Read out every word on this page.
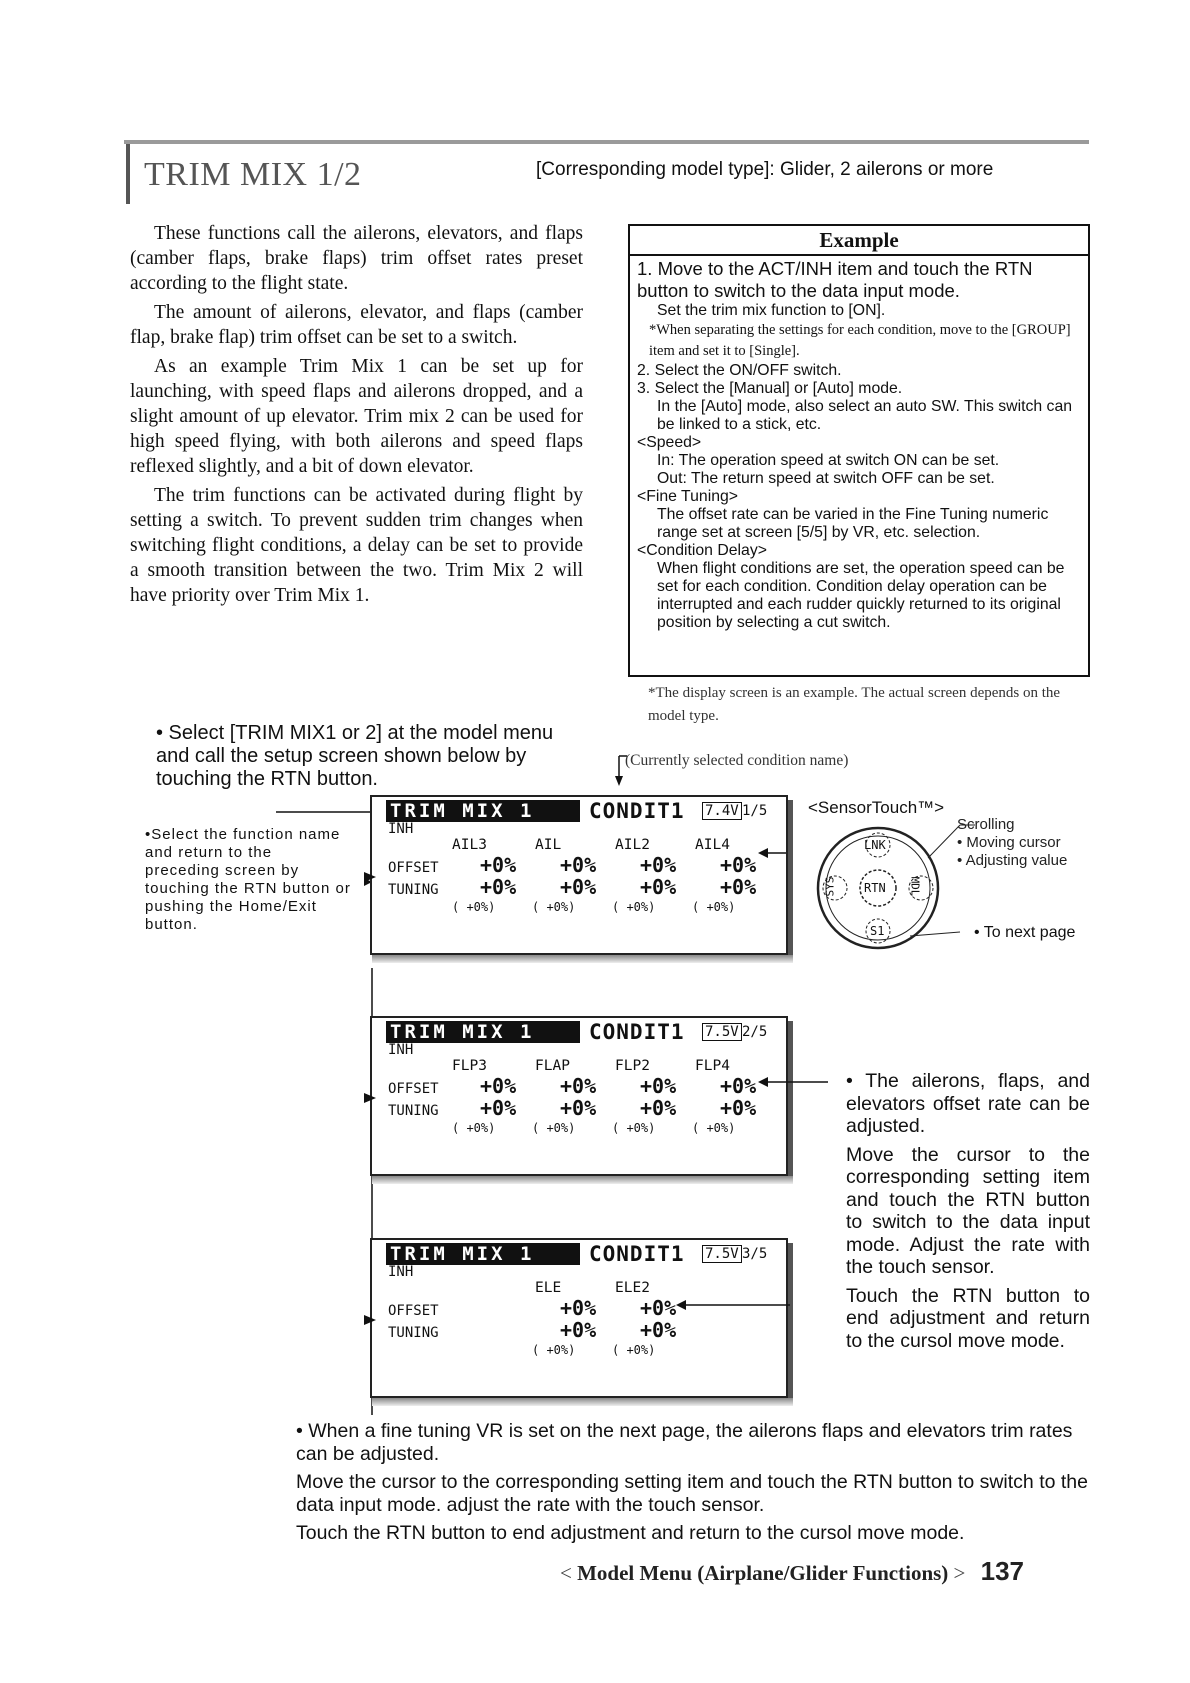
TRIM MIX 1/2	[Corresponding model type]: Glider, 2 ailerons or more

These functions call the ailerons, elevators, and flaps (camber flaps, brake flaps) trim offset rates preset according to the flight state.

The amount of ailerons, elevator, and flaps (camber flap, brake flap) trim offset can be set to a switch.

As an example Trim Mix 1 can be set up for launching, with speed flaps and ailerons dropped, and a slight amount of up elevator. Trim mix 2 can be used for high speed flying, with both ailerons and speed flaps reflexed slightly, and a bit of down elevator.

The trim functions can be activated during flight by setting a switch. To prevent sudden trim changes when switching flight conditions, a delay can be set to provide a smooth transition between the two. Trim Mix 2 will have priority over Trim Mix 1.

Example
1. Move to the ACT/INH item and touch the RTN button to switch to the data input mode.
Set the trim mix function to [ON].
*When separating the settings for each condition, move to the [GROUP] item and set it to [Single].
2. Select the ON/OFF switch.
3. Select the [Manual] or [Auto] mode.
In the [Auto] mode, also select an auto SW. This switch can be linked to a stick, etc.
<Speed>
In: The operation speed at switch ON can be set.
Out: The return speed at switch OFF can be set.
<Fine Tuning>
The offset rate can be varied in the Fine Tuning numeric range set at screen [5/5] by VR, etc. selection.
<Condition Delay>
When flight conditions are set, the operation speed can be set for each condition. Condition delay operation can be interrupted and each rudder quickly returned to its original position by selecting a cut switch.
*The display screen is an example. The actual screen depends on the model type.
• Select [TRIM MIX1 or 2] at the model menu and call the setup screen shown below by touching the RTN button.
(Currently selected condition name)
•Select the function name and return to the preceding screen by touching the RTN button or pushing the Home/Exit button.
TRIM MIX 1	CONDIT1 7.4V 1/5
INH
AIL3	AIL	AIL2	AIL4
OFFSET +0% +0% +0% +0%
TUNING +0% +0% +0% +0%
( +0%)	( +0%)	( +0%)	( +0%)
TRIM MIX 1	CONDIT1 7.5V 2/5
INH
FLP3	FLAP	FLP2	FLP4
OFFSET +0% +0% +0% +0%
TUNING +0% +0% +0% +0%
( +0%)	( +0%)	( +0%)	( +0%)
TRIM MIX 1	CONDIT1 7.5V 3/5
INH
ELE	ELE2
OFFSET	+0% +0%
TUNING	+0% +0%
( +0%)	( +0%)
<SensorTouch™>
LNK
RTN
S1
SYS	MDL
Scrolling
• Moving cursor
• Adjusting value
• To next page

• The ailerons, flaps, and elevators offset rate can be adjusted.

Move the cursor to the corresponding setting item and touch the RTN button to switch to the data input mode. Adjust the rate with the touch sensor.

Touch the RTN button to end adjustment and return to the cursol move mode.

• When a fine tuning VR is set on the next page, the ailerons flaps and elevators trim rates can be adjusted.

Move the cursor to the corresponding setting item and touch the RTN button to switch to the data input mode. adjust the rate with the touch sensor.

Touch the RTN button to end adjustment and return to the cursol move mode.

< Model Menu (Airplane/Glider Functions) > 137
